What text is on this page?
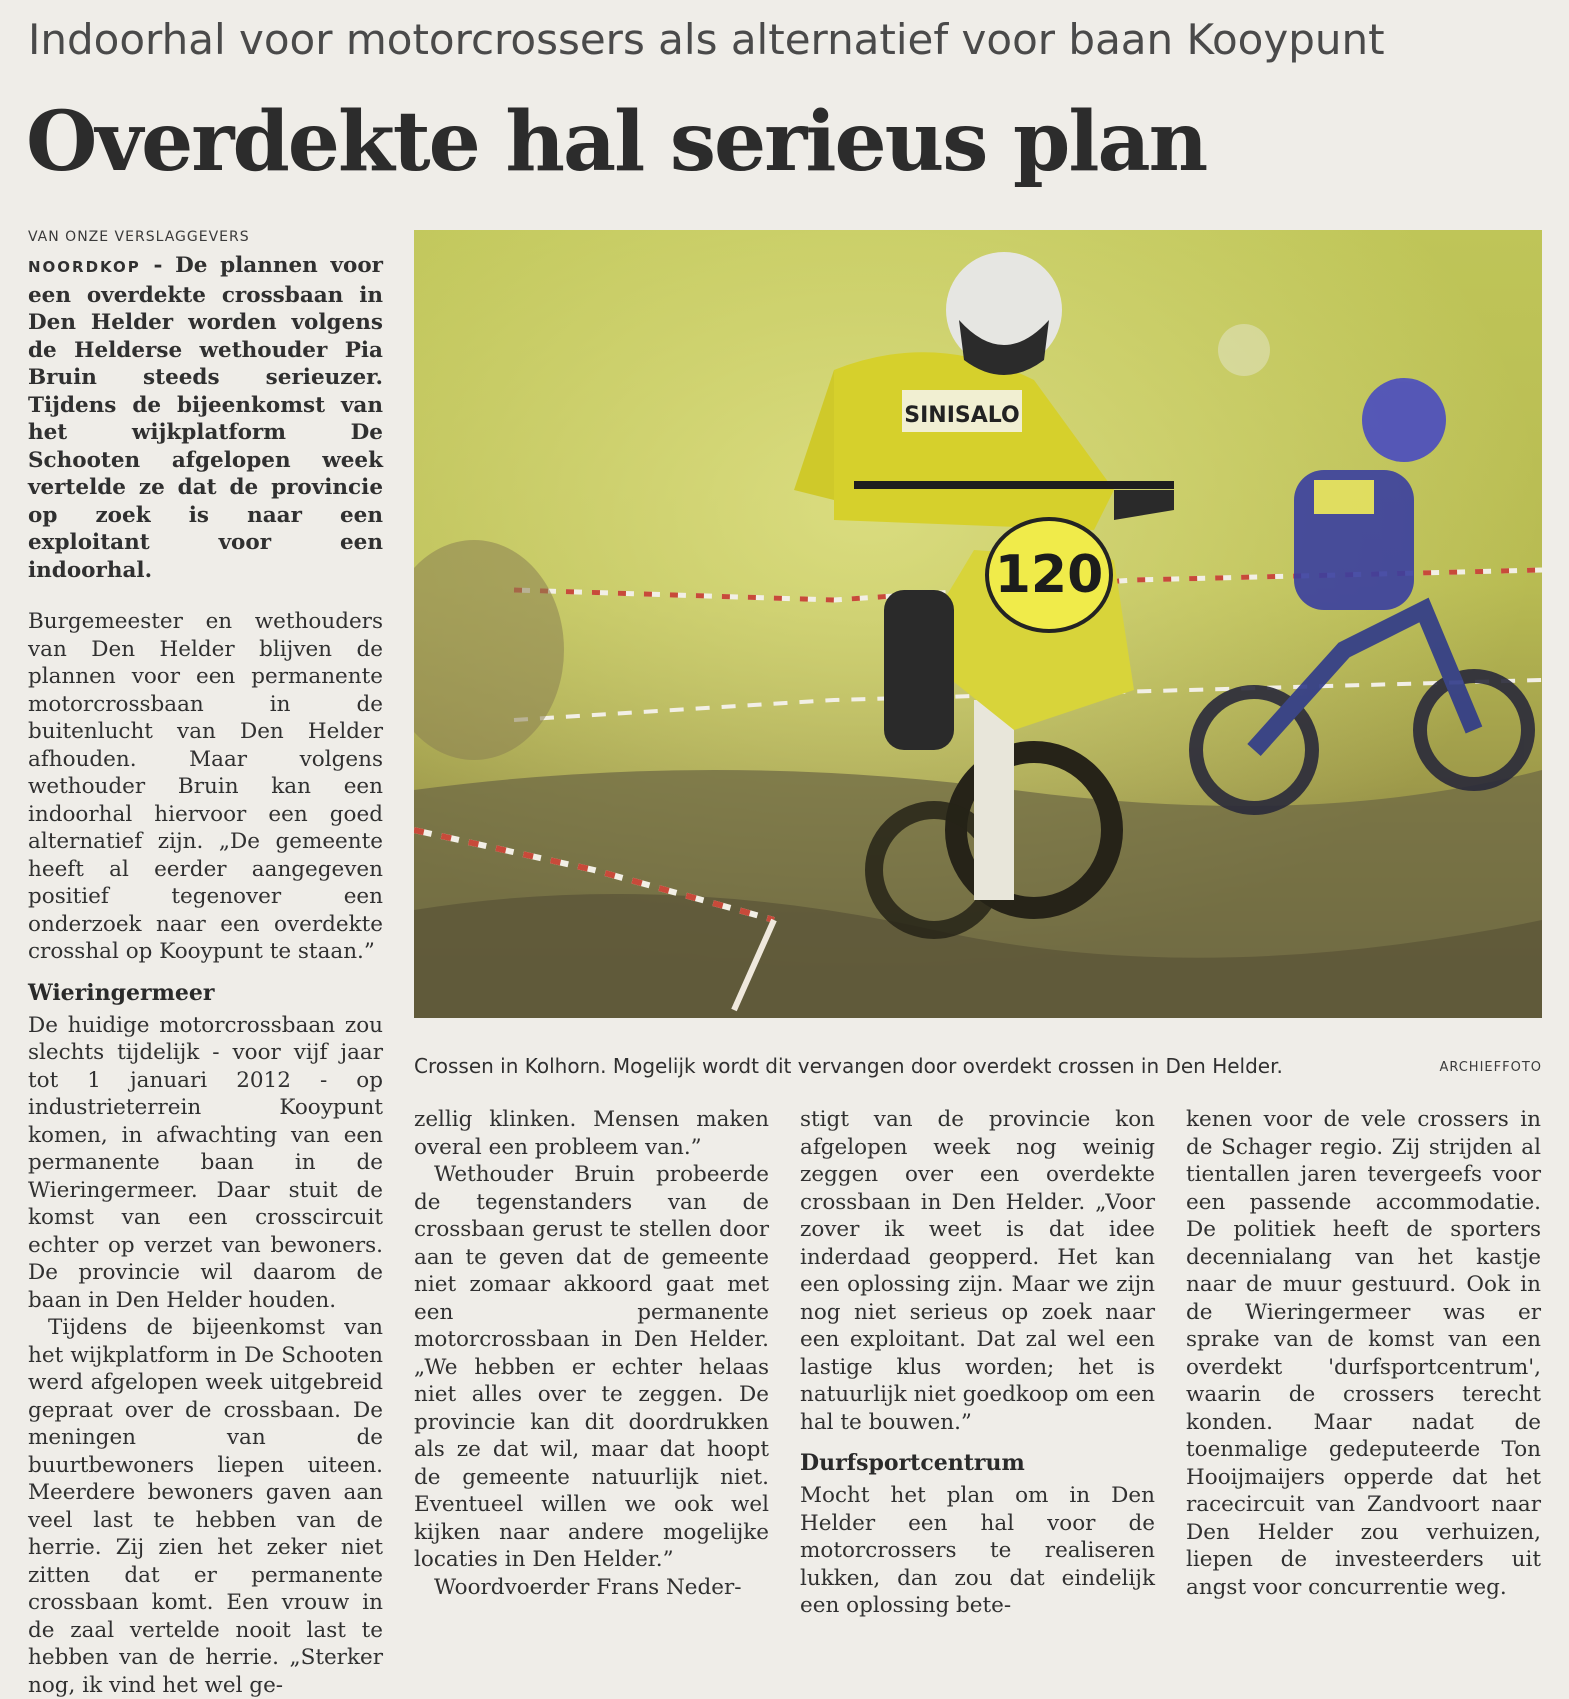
Indoorhal voor motorcrossers als alternatief voor baan Kooypunt
Overdekte hal serieus plan
VAN ONZE VERSLAGGEVERS

NOORDKOP - De plannen voor een overdekte crossbaan in Den Helder worden volgens de Helderse wethouder Pia Bruin steeds serieuzer. Tijdens de bijeenkomst van het wijkplatform De Schooten afgelopen week vertelde ze dat de provincie op zoek is naar een exploitant voor een indoorhal.

Burgemeester en wethouders van Den Helder blijven de plannen voor een permanente motorcrossbaan in de buitenlucht van Den Helder afhouden. Maar volgens wethouder Bruin kan een indoorhal hiervoor een goed alternatief zijn. „De gemeente heeft al eerder aangegeven positief tegenover een onderzoek naar een overdekte crosshal op Kooypunt te staan.”

Wieringermeer

De huidige motorcrossbaan zou slechts tijdelijk - voor vijf jaar tot 1 januari 2012 - op industrieterrein Kooypunt komen, in afwachting van een permanente baan in de Wieringermeer. Daar stuit de komst van een crosscircuit echter op verzet van bewoners. De provincie wil daarom de baan in Den Helder houden.

Tijdens de bijeenkomst van het wijkplatform in De Schooten werd afgelopen week uitgebreid gepraat over de crossbaan. De meningen van de buurtbewoners liepen uiteen. Meerdere bewoners gaven aan veel last te hebben van de herrie. Zij zien het zeker niet zitten dat er permanente crossbaan komt. Een vrouw in de zaal vertelde nooit last te hebben van de herrie. „Sterker nog, ik vind het wel ge-

120
SINISALO
Crossen in Kolhorn. Mogelijk wordt dit vervangen door overdekt crossen in Den Helder.	ARCHIEFFOTO

zellig klinken. Mensen maken overal een probleem van.”

Wethouder Bruin probeerde de tegenstanders van de crossbaan gerust te stellen door aan te geven dat de gemeente niet zomaar akkoord gaat met een permanente motorcrossbaan in Den Helder. „We hebben er echter helaas niet alles over te zeggen. De provincie kan dit doordrukken als ze dat wil, maar dat hoopt de gemeente natuurlijk niet. Eventueel willen we ook wel kijken naar andere mogelijke locaties in Den Helder.”

Woordvoerder Frans Neder-

stigt van de provincie kon afgelopen week nog weinig zeggen over een overdekte crossbaan in Den Helder. „Voor zover ik weet is dat idee inderdaad geopperd. Het kan een oplossing zijn. Maar we zijn nog niet serieus op zoek naar een exploitant. Dat zal wel een lastige klus worden; het is natuurlijk niet goedkoop om een hal te bouwen.”

Durfsportcentrum

Mocht het plan om in Den Helder een hal voor de motorcrossers te realiseren lukken, dan zou dat eindelijk een oplossing bete-

kenen voor de vele crossers in de Schager regio. Zij strijden al tientallen jaren tevergeefs voor een passende accommodatie. De politiek heeft de sporters decennialang van het kastje naar de muur gestuurd. Ook in de Wieringermeer was er sprake van de komst van een overdekt 'durfsportcentrum', waarin de crossers terecht konden. Maar nadat de toenmalige gedeputeerde Ton Hooijmaijers opperde dat het racecircuit van Zandvoort naar Den Helder zou verhuizen, liepen de investeerders uit angst voor concurrentie weg.
